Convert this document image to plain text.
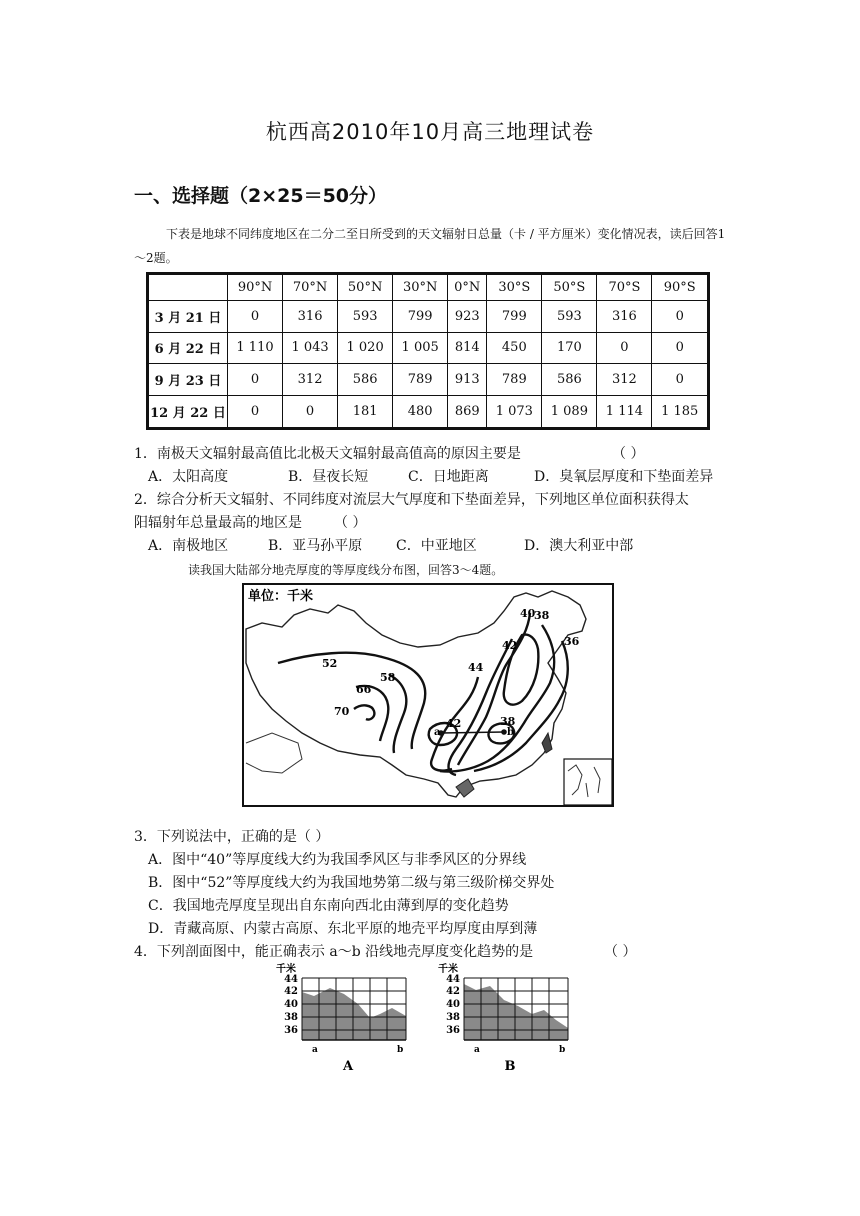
杭西高2010年10月高三地理试卷
一、选择题（2×25＝50分）
下表是地球不同纬度地区在二分二至日所受到的天文辐射日总量（卡 / 平方厘米）变化情况表，读后回答1～2题。
	90°N	70°N	50°N	30°N	0°N	30°S	50°S	70°S	90°S
3 月 21 日	0	316	593	799	923	799	593	316	0
6 月 22 日	1 110	1 043	1 020	1 005	814	450	170	0	0
9 月 23 日	0	312	586	789	913	789	586	312	0
12 月 22 日	0	0	181	480	869	1 073	1 089	1 114	1 185
1．南极天文辐射最高值比北极天文辐射最高值高的原因主要是	（ ）
A．太阳高度	B．昼夜长短	C．日地距离	D．臭氧层厚度和下垫面差异
2．综合分析天文辐射、不同纬度对流层大气厚度和下垫面差异，下列地区单位面积获得太
阳辐射年总量最高的地区是 （ ）
A．南极地区	B．亚马孙平原 C．中亚地区	D．澳大利亚中部
读我国大陆部分地壳厚度的等厚度线分布图，回答3～4题。
单位：千米
40
38
36
42
44
52
58
66
70
42	38
a	b
3．下列说法中，正确的是（ ）
A．图中“40”等厚度线大约为我国季风区与非季风区的分界线
B．图中“52”等厚度线大约为我国地势第二级与第三级阶梯交界处
C．我国地壳厚度呈现出自东南向西北由薄到厚的变化趋势
D．青藏高原、内蒙古高原、东北平原的地壳平均厚度由厚到薄
4．下列剖面图中，能正确表示 a～b 沿线地壳厚度变化趋势的是	（ ）
千米
44
42
40
38
36
a	b
A
千米
44
42
40
38
36
a	b
B
